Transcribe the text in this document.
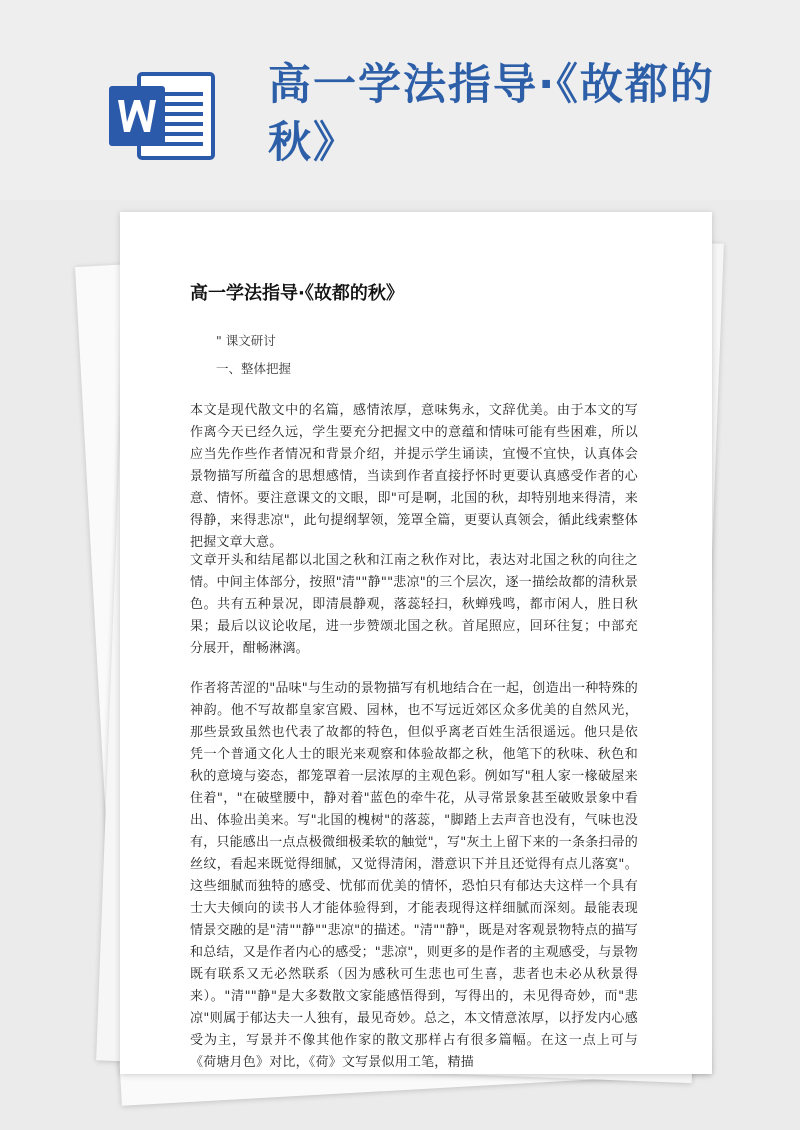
高一学法指导·《故都的秋》
高一学法指导·《故都的秋》
" 课文研讨
一、整体把握

本文是现代散文中的名篇，感情浓厚，意味隽永，文辞优美。由于本文的写作离今天已经久远，学生要充分把握文中的意蕴和情味可能有些困难，所以应当先作些作者情况和背景介绍，并提示学生诵读，宜慢不宜快，认真体会景物描写所蕴含的思想感情，当读到作者直接抒怀时更要认真感受作者的心意、情怀。要注意课文的文眼，即"可是啊，北国的秋，却特别地来得清，来得静，来得悲凉"，此句提纲挈领，笼罩全篇，更要认真领会，循此线索整体把握文章大意。

文章开头和结尾都以北国之秋和江南之秋作对比，表达对北国之秋的向往之情。中间主体部分，按照"清""静""悲凉"的三个层次，逐一描绘故都的清秋景色。共有五种景况，即清晨静观，落蕊轻扫，秋蝉残鸣，都市闲人，胜日秋果；最后以议论收尾，进一步赞颂北国之秋。首尾照应，回环往复；中部充分展开，酣畅淋漓。

作者将苦涩的"品味"与生动的景物描写有机地结合在一起，创造出一种特殊的神韵。他不写故都皇家宫殿、园林，也不写远近郊区众多优美的自然风光，那些景致虽然也代表了故都的特色，但似乎离老百姓生活很遥远。他只是依凭一个普通文化人士的眼光来观察和体验故都之秋，他笔下的秋味、秋色和秋的意境与姿态，都笼罩着一层浓厚的主观色彩。例如写"租人家一椽破屋来住着"，"在破壁腰中，静对着"蓝色的牵牛花，从寻常景象甚至破败景象中看出、体验出美来。写"北国的槐树"的落蕊，"脚踏上去声音也没有，气味也没有，只能感出一点点极微细极柔软的触觉"，写"灰土上留下来的一条条扫帚的丝纹，看起来既觉得细腻，又觉得清闲，潜意识下并且还觉得有点儿落寞"。这些细腻而独特的感受、忧郁而优美的情怀，恐怕只有郁达夫这样一个具有士大夫倾向的读书人才能体验得到，才能表现得这样细腻而深刻。最能表现情景交融的是"清""静""悲凉"的描述。"清""静"，既是对客观景物特点的描写和总结，又是作者内心的感受；"悲凉"，则更多的是作者的主观感受，与景物既有联系又无必然联系（因为感秋可生悲也可生喜，悲者也未必从秋景得来）。"清""静"是大多数散文家能感悟得到，写得出的，未见得奇妙，而"悲凉"则属于郁达夫一人独有，最见奇妙。总之，本文情意浓厚，以抒发内心感受为主，写景并不像其他作家的散文那样占有很多篇幅。在这一点上可与《荷塘月色》对比，《荷》文写景似用工笔，精描
